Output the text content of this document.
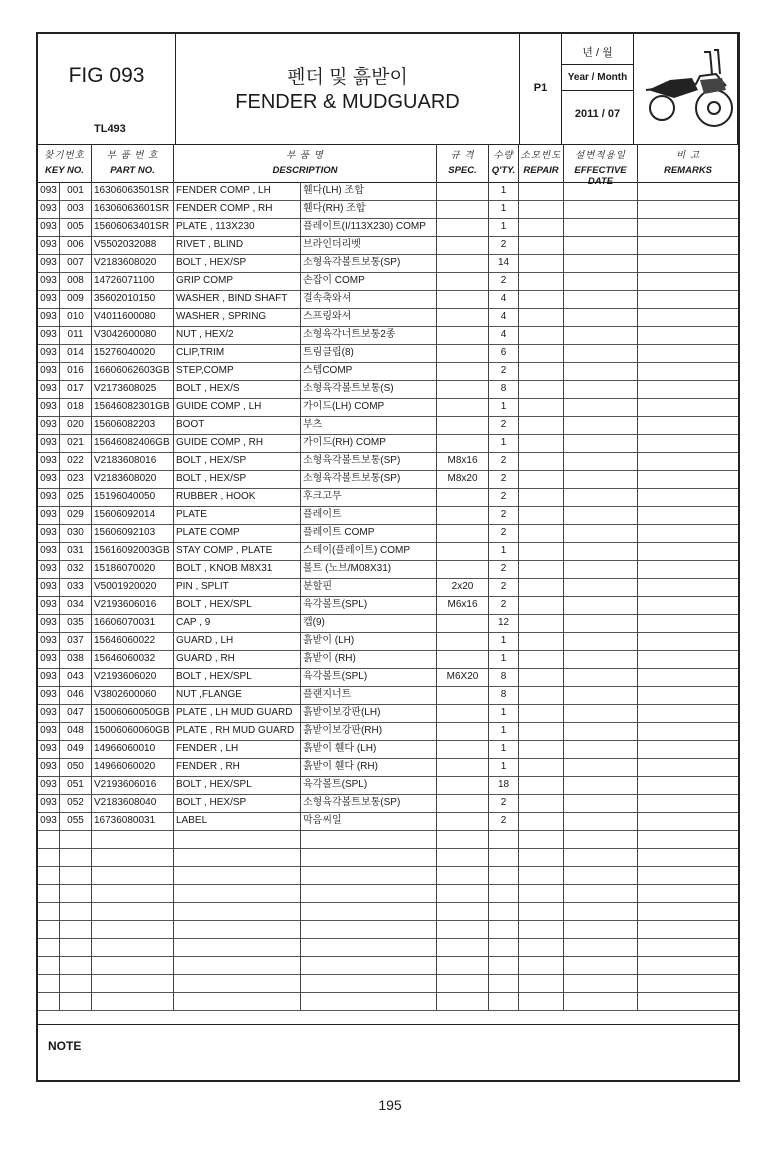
FIG 093
TL493
펜더 및 흙받이
FENDER & MUDGUARD
P1
년 / 월
Year / Month
2011 / 07
찾기번호
KEY NO.
부 품 번 호
PART NO.
부 품 명
DESCRIPTION
규 격
SPEC.
수량
Q'TY.
소모빈도
REPAIR
설변적용일
EFFECTIVE DATE
비 고
REMARKS
093	001	16306063501SR FENDER COMP , LH	휀다(LH) 조합	1
093	003	16306063601SR FENDER COMP , RH	휀다(RH) 조합	1
093	005	15606063401SR PLATE , 113X230	플레이트(I/113X230) COMP	1
093	006	V5502032088	RIVET , BLIND	브라인더리벳	2
093	007	V2183608020	BOLT , HEX/SP	소형육각볼트보통(SP)	14
093	008	14726071100	GRIP COMP	손잡이 COMP	2
093	009	35602010150	WASHER , BIND SHAFT	결속축와셔	4
093	010	V4011600080	WASHER , SPRING	스프링와셔	4
093	011	V3042600080	NUT , HEX/2	소형육각너트보통2종	4
093	014	15276040020	CLIP,TRIM	트림클립(8)	6
093	016	16606062603GB STEP,COMP	스텝COMP	2
093	017	V2173608025	BOLT , HEX/S	소형육각볼트보통(S)	8
093	018	15646082301GB GUIDE COMP , LH	가이드(LH) COMP	1
093	020	15606082203	BOOT	부츠	2
093	021	15646082406GB GUIDE COMP , RH	가이드(RH) COMP	1
093	022	V2183608016	BOLT , HEX/SP	소형육각볼트보통(SP)	M8x16	2
093	023	V2183608020	BOLT , HEX/SP	소형육각볼트보통(SP)	M8x20	2
093	025	15196040050	RUBBER , HOOK	후크고무	2
093	029	15606092014	PLATE	플레이트	2
093	030	15606092103	PLATE COMP	플레이트 COMP	2
093	031	15616092003GB STAY COMP , PLATE	스테이(플레이트) COMP	1
093	032	15186070020	BOLT , KNOB M8X31	볼트 (노브/M08X31)	2
093	033	V5001920020	PIN , SPLIT	분할핀	2x20	2
093	034	V2193606016	BOLT , HEX/SPL	육각볼트(SPL)	M6x16	2
093	035	16606070031	CAP , 9	캡(9)	12
093	037	15646060022	GUARD , LH	흙받이 (LH)	1
093	038	15646060032	GUARD , RH	흙받이 (RH)	1
093	043	V2193606020	BOLT , HEX/SPL	육각볼트(SPL)	M6X20	8
093	046	V3802600060	NUT ,FLANGE	플랜지너트	8
093	047	15006060050GB PLATE , LH MUD GUARD	흙받이보강판(LH)	1
093	048	15006060060GB PLATE , RH MUD GUARD 흙받이보강판(RH)	1
093	049	14966060010	FENDER , LH	흙받이 휀다 (LH)	1
093	050	14966060020	FENDER , RH	흙받이 휀다 (RH)	1
093	051	V2193606016	BOLT , HEX/SPL	육각볼트(SPL)	18
093	052	V2183608040	BOLT , HEX/SP	소형육각볼트보통(SP)	2
093	055	16736080031	LABEL	막음씨일	2
NOTE
195
